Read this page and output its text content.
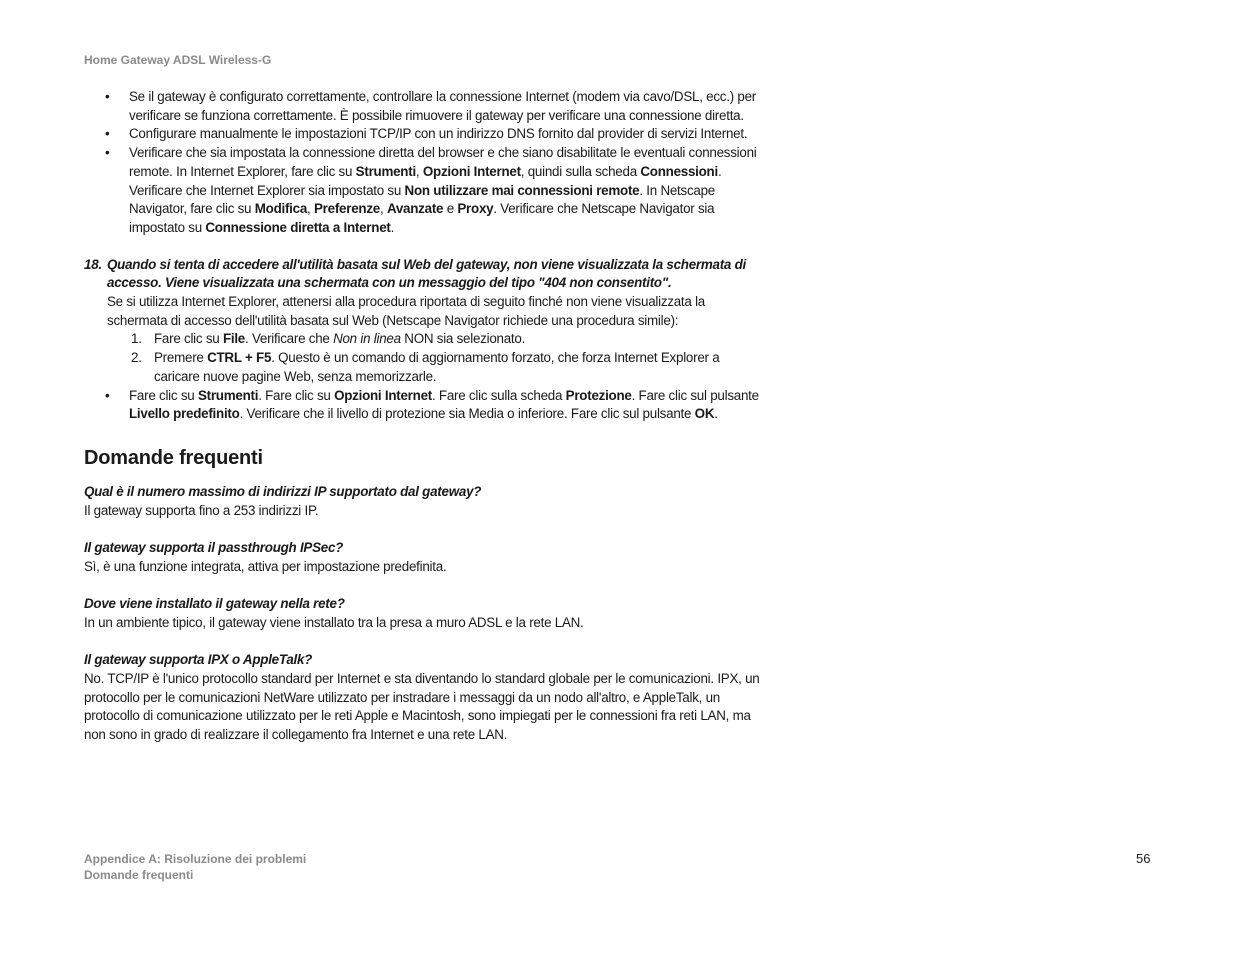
Home Gateway ADSL Wireless-G
• Se il gateway è configurato correttamente, controllare la connessione Internet (modem via cavo/DSL, ecc.) per verificare se funziona correttamente. È possibile rimuovere il gateway per verificare una connessione diretta.
• Configurare manualmente le impostazioni TCP/IP con un indirizzo DNS fornito dal provider di servizi Internet.
• Verificare che sia impostata la connessione diretta del browser e che siano disabilitate le eventuali connessioni remote. In Internet Explorer, fare clic su Strumenti, Opzioni Internet, quindi sulla scheda Connessioni. Verificare che Internet Explorer sia impostato su Non utilizzare mai connessioni remote. In Netscape Navigator, fare clic su Modifica, Preferenze, Avanzate e Proxy. Verificare che Netscape Navigator sia impostato su Connessione diretta a Internet.
18. Quando si tenta di accedere all'utilità basata sul Web del gateway, non viene visualizzata la schermata di accesso. Viene visualizzata una schermata con un messaggio del tipo "404 non consentito".
Se si utilizza Internet Explorer, attenersi alla procedura riportata di seguito finché non viene visualizzata la schermata di accesso dell'utilità basata sul Web (Netscape Navigator richiede una procedura simile):
1. Fare clic su File. Verificare che Non in linea NON sia selezionato.
2. Premere CTRL + F5. Questo è un comando di aggiornamento forzato, che forza Internet Explorer a caricare nuove pagine Web, senza memorizzarle.
• Fare clic su Strumenti. Fare clic su Opzioni Internet. Fare clic sulla scheda Protezione. Fare clic sul pulsante Livello predefinito. Verificare che il livello di protezione sia Media o inferiore. Fare clic sul pulsante OK.
Domande frequenti
Qual è il numero massimo di indirizzi IP supportato dal gateway?
Il gateway supporta fino a 253 indirizzi IP.
Il gateway supporta il passthrough IPSec?
Sì, è una funzione integrata, attiva per impostazione predefinita.
Dove viene installato il gateway nella rete?
In un ambiente tipico, il gateway viene installato tra la presa a muro ADSL e la rete LAN.
Il gateway supporta IPX o AppleTalk?
No. TCP/IP è l'unico protocollo standard per Internet e sta diventando lo standard globale per le comunicazioni. IPX, un protocollo per le comunicazioni NetWare utilizzato per instradare i messaggi da un nodo all'altro, e AppleTalk, un protocollo di comunicazione utilizzato per le reti Apple e Macintosh, sono impiegati per le connessioni fra reti LAN, ma non sono in grado di realizzare il collegamento fra Internet e una rete LAN.
Appendice A: Risoluzione dei problemi
Domande frequenti
56
